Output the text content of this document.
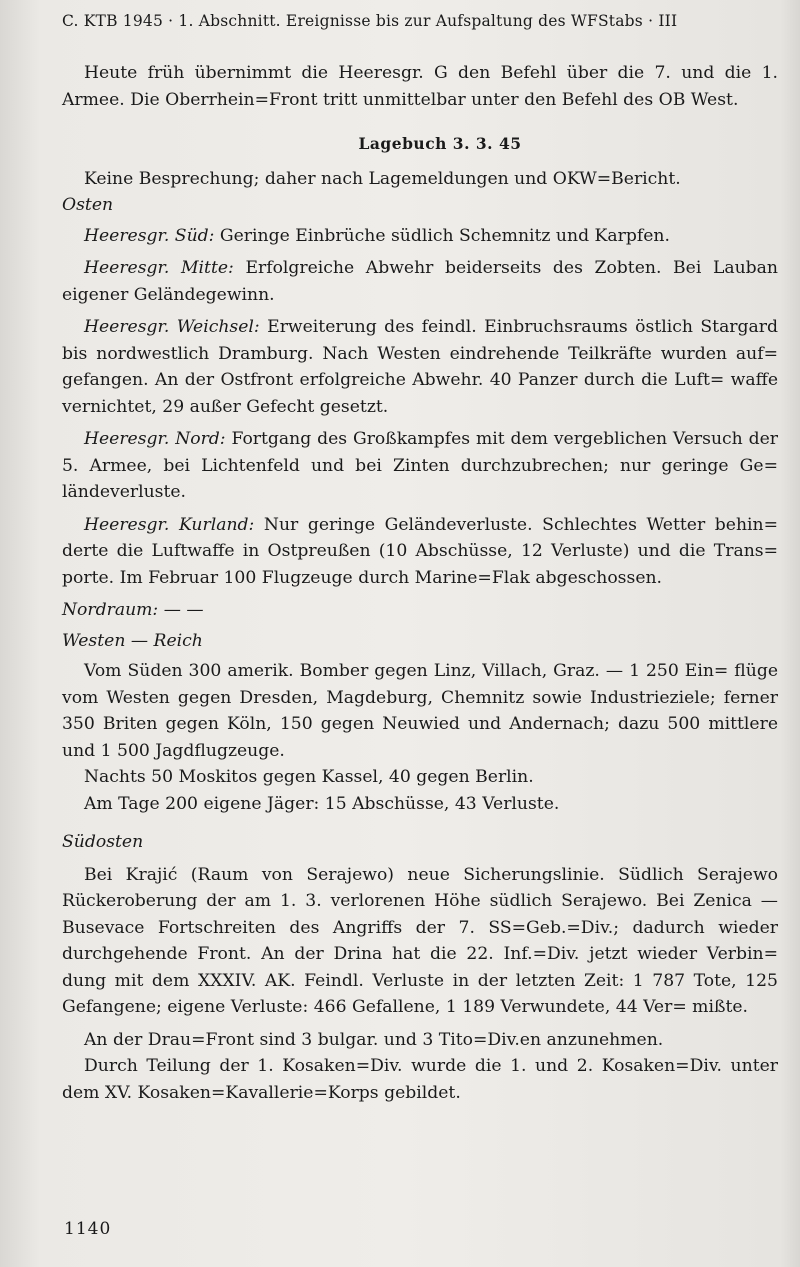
C. KTB 1945 · 1. Abschnitt. Ereignisse bis zur Aufspaltung des WFStabs · III

Heute früh übernimmt die Heeresgr. G den Befehl über die 7. und die 1. Armee. Die Oberrhein=Front tritt unmittelbar unter den Befehl des OB West.

Lagebuch 3. 3. 45

Keine Besprechung; daher nach Lagemeldungen und OKW=Bericht.

Osten

Heeresgr. Süd: Geringe Einbrüche südlich Schemnitz und Karpfen.

Heeresgr. Mitte: Erfolgreiche Abwehr beiderseits des Zobten. Bei Lauban eigener Geländegewinn.

Heeresgr. Weichsel: Erweiterung des feindl. Einbruchsraums östlich Stargard bis nordwestlich Dramburg. Nach Westen eindrehende Teilkräfte wurden auf= gefangen. An der Ostfront erfolgreiche Abwehr. 40 Panzer durch die Luft= waffe vernichtet, 29 außer Gefecht gesetzt.

Heeresgr. Nord: Fortgang des Großkampfes mit dem vergeblichen Versuch der 5. Armee, bei Lichtenfeld und bei Zinten durchzubrechen; nur geringe Ge= ländeverluste.

Heeresgr. Kurland: Nur geringe Geländeverluste. Schlechtes Wetter behin= derte die Luftwaffe in Ostpreußen (10 Abschüsse, 12 Verluste) und die Trans= porte. Im Februar 100 Flugzeuge durch Marine=Flak abgeschossen.

Nordraum: — —

Westen — Reich

Vom Süden 300 amerik. Bomber gegen Linz, Villach, Graz. — 1 250 Ein= flüge vom Westen gegen Dresden, Magdeburg, Chemnitz sowie Industrieziele; ferner 350 Briten gegen Köln, 150 gegen Neuwied und Andernach; dazu 500 mittlere und 1 500 Jagdflugzeuge.

Nachts 50 Moskitos gegen Kassel, 40 gegen Berlin.

Am Tage 200 eigene Jäger: 15 Abschüsse, 43 Verluste.

Südosten

Bei Krajić (Raum von Serajewo) neue Sicherungslinie. Südlich Serajewo Rückeroberung der am 1. 3. verlorenen Höhe südlich Serajewo. Bei Zenica — Busevace Fortschreiten des Angriffs der 7. SS=Geb.=Div.; dadurch wieder durchgehende Front. An der Drina hat die 22. Inf.=Div. jetzt wieder Verbin= dung mit dem XXXIV. AK. Feindl. Verluste in der letzten Zeit: 1 787 Tote, 125 Gefangene; eigene Verluste: 466 Gefallene, 1 189 Verwundete, 44 Ver= mißte.

An der Drau=Front sind 3 bulgar. und 3 Tito=Div.en anzunehmen.

Durch Teilung der 1. Kosaken=Div. wurde die 1. und 2. Kosaken=Div. unter dem XV. Kosaken=Kavallerie=Korps gebildet.

1140
